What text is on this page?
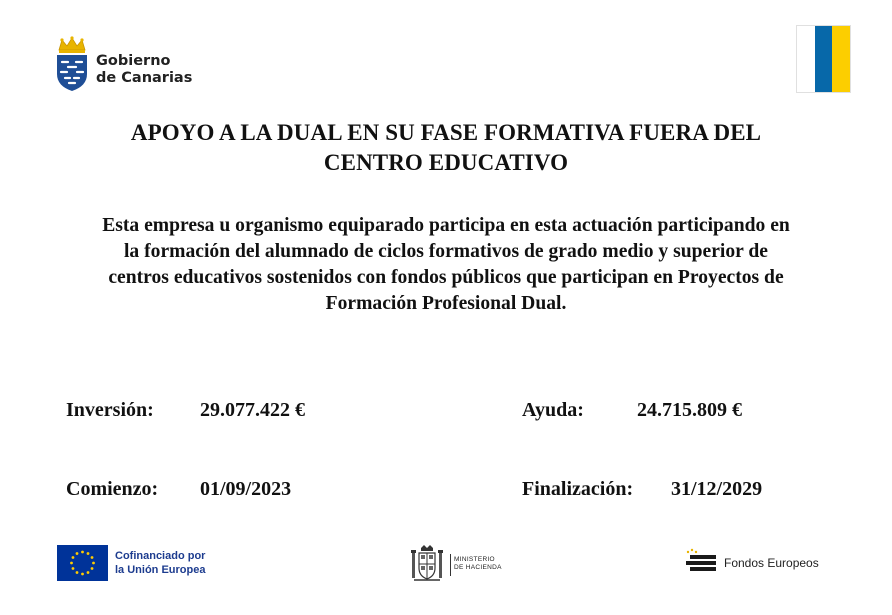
Gobierno
de Canarias
APOYO A LA DUAL EN SU FASE FORMATIVA FUERA DEL
CENTRO EDUCATIVO
Esta empresa u organismo equiparado participa en esta actuación participando en
la formación del alumnado de ciclos formativos de grado medio y superior de
centros educativos sostenidos con fondos públicos que participan en Proyectos de
Formación Profesional Dual.
Inversión: 29.077.422 €	Ayuda:	24.715.809 €
Comienzo: 01/09/2023	Finalización: 31/12/2029
Cofinanciado por
la Unión Europea
MINISTERIO
DE HACIENDA	Fondos Europeos
